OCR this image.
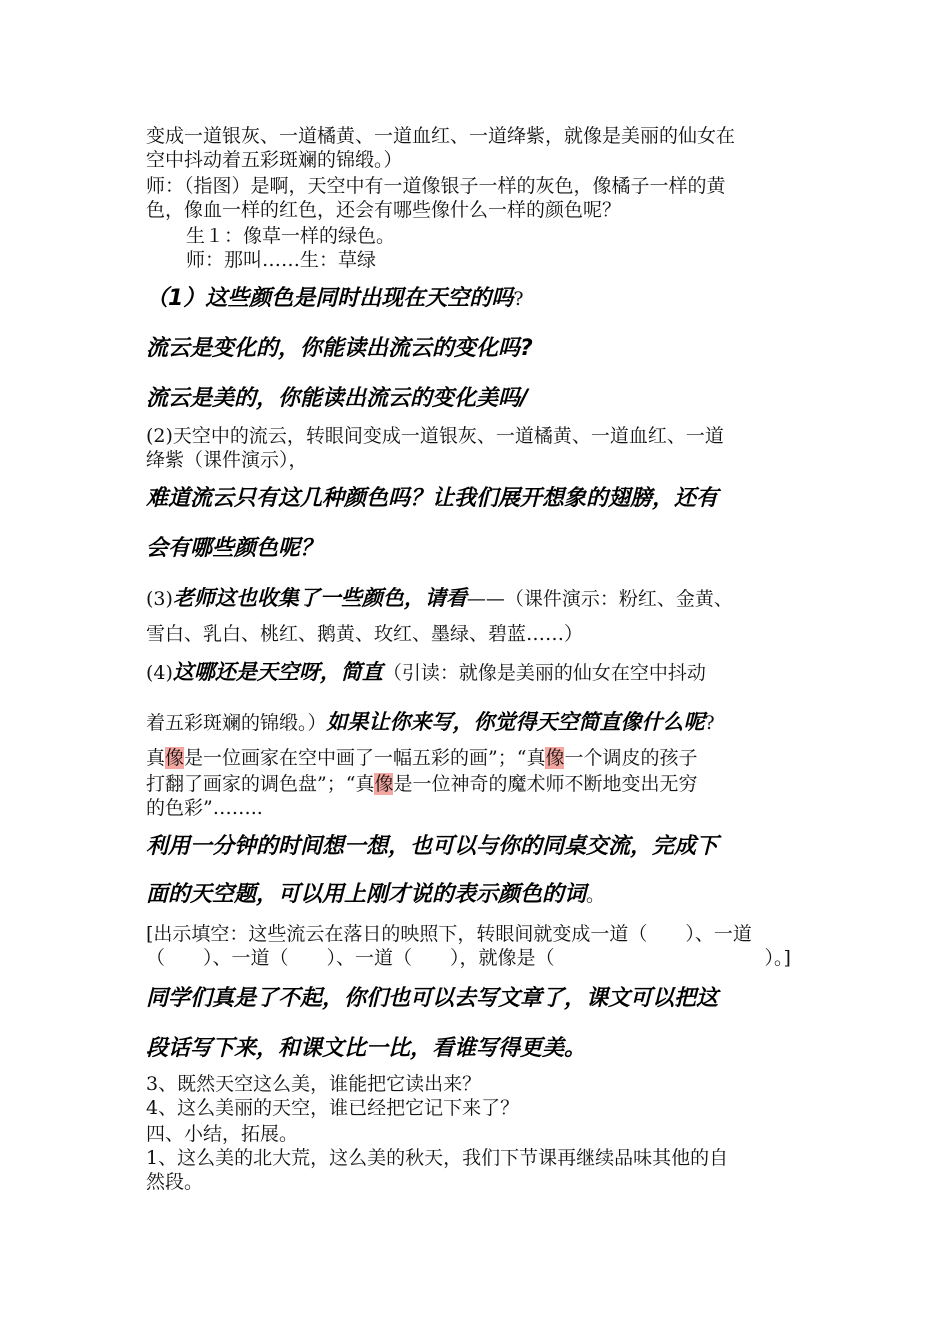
变成一道银灰、一道橘黄、一道血红、一道绛紫，就像是美丽的仙女在
空中抖动着五彩斑斓的锦缎。）
师：（指图）是啊，天空中有一道像银子一样的灰色，像橘子一样的黄
色，像血一样的红色，还会有哪些像什么一样的颜色呢？
生１：像草一样的绿色。
师：那叫……生：草绿
（1）这些颜色是同时出现在天空的吗?
流云是变化的，你能读出流云的变化吗?
流云是美的，你能读出流云的变化美吗/
(2)天空中的流云，转眼间变成一道银灰、一道橘黄、一道血红、一道
绛紫（课件演示），
难道流云只有这几种颜色吗？让我们展开想象的翅膀，还有
会有哪些颜色呢？
(3)老师这也收集了一些颜色，请看——（课件演示：粉红、金黄、
雪白、乳白、桃红、鹅黄、玫红、墨绿、碧蓝……）
(4)这哪还是天空呀，简直（引读：就像是美丽的仙女在空中抖动
着五彩斑斓的锦缎。）如果让你来写，你觉得天空简直像什么呢?
真像是一位画家在空中画了一幅五彩的画”；“真像一个调皮的孩子
打翻了画家的调色盘”；“真像是一位神奇的魔术师不断地变出无穷
的色彩”……..
利用一分钟的时间想一想，也可以与你的同桌交流，完成下
面的天空题，可以用上刚才说的表示颜色的词。
[出示填空：这些流云在落日的映照下，转眼间就变成一道（　　）、一道
（　　）、一道（　　）、一道（　　），就像是（	）。]
同学们真是了不起，你们也可以去写文章了，课文可以把这
段话写下来，和课文比一比，看谁写得更美。
3、既然天空这么美，谁能把它读出来？
4、这么美丽的天空，谁已经把它记下来了？
四、小结，拓展。
1、这么美的北大荒，这么美的秋天，我们下节课再继续品味其他的自
然段。
